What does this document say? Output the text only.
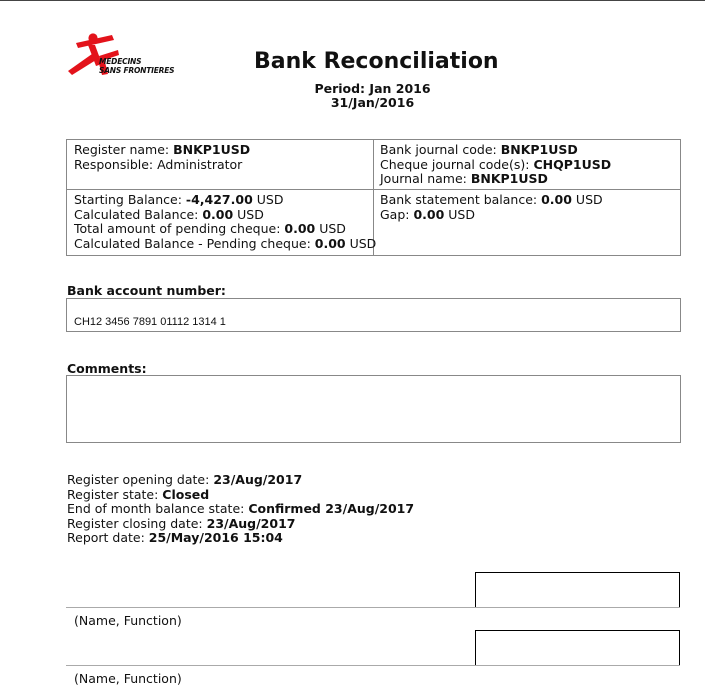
MEDECINS
SANS FRONTIERES	Bank Reconciliation
Period: Jan 2016
31/Jan/2016
Register name: BNKP1USD
Responsible: Administrator
Bank journal code: BNKP1USD
Cheque journal code(s): CHQP1USD
Journal name: BNKP1USD
Starting Balance: -4,427.00 USD
Calculated Balance: 0.00 USD
Total amount of pending cheque: 0.00 USD
Calculated Balance - Pending cheque: 0.00 USD
Bank statement balance: 0.00 USD
Gap: 0.00 USD
Bank account number:
CH12 3456 7891 01112 1314 1
Comments:
Register opening date: 23/Aug/2017
Register state: Closed
End of month balance state: Confirmed 23/Aug/2017
Register closing date: 23/Aug/2017
Report date: 25/May/2016 15:04
(Name, Function)
(Name, Function)
